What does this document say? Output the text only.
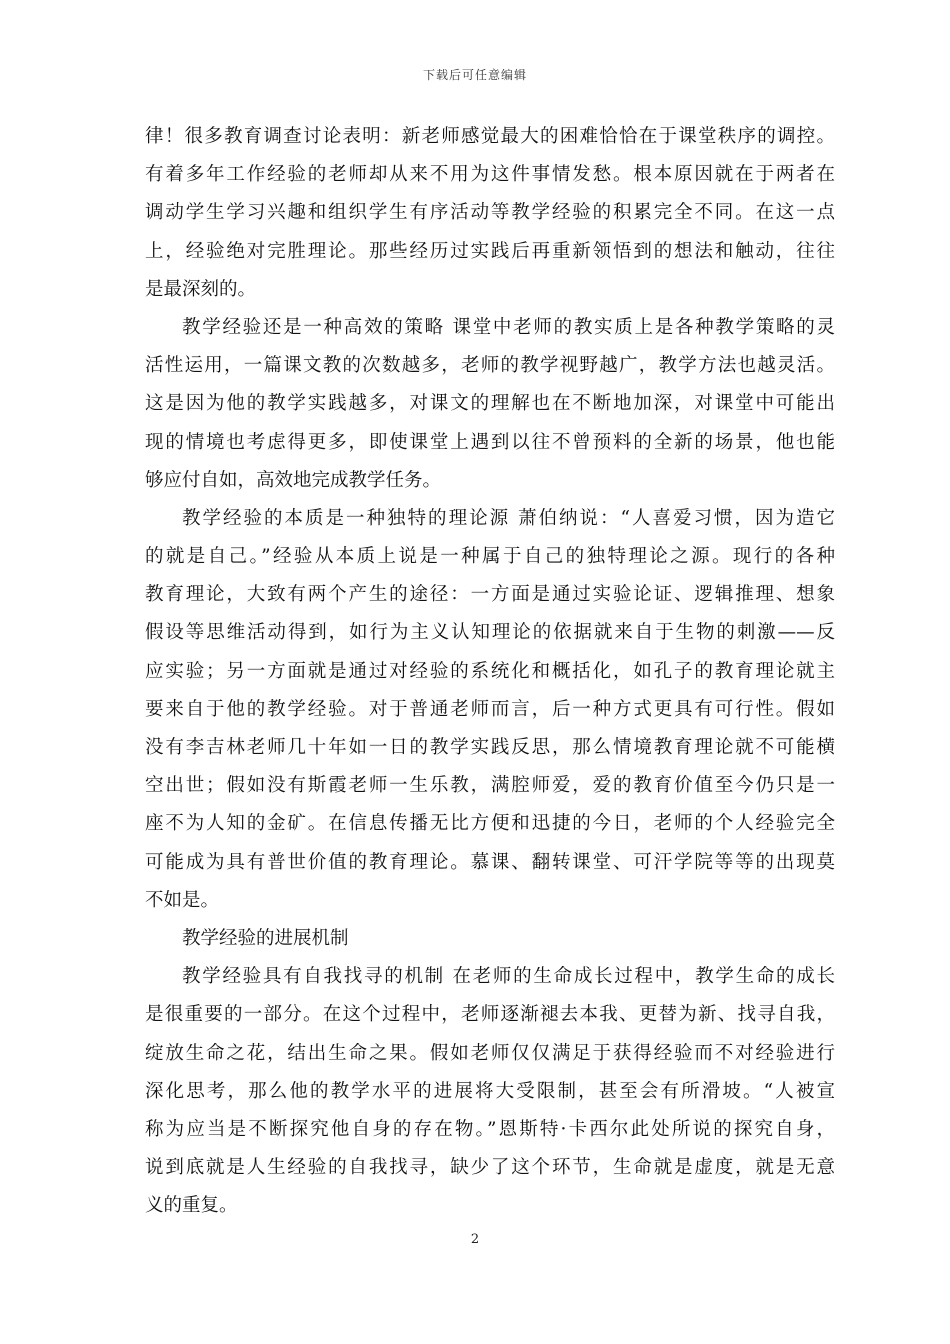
下载后可任意编辑
律！很多教育调查讨论表明：新老师感觉最大的困难恰恰在于课堂秩序的调控。
有着多年工作经验的老师却从来不用为这件事情发愁。根本原因就在于两者在
调动学生学习兴趣和组织学生有序活动等教学经验的积累完全不同。在这一点
上，经验绝对完胜理论。那些经历过实践后再重新领悟到的想法和触动，往往
是最深刻的。
教学经验还是一种高效的策略 课堂中老师的教实质上是各种教学策略的灵
活性运用，一篇课文教的次数越多，老师的教学视野越广，教学方法也越灵活。
这是因为他的教学实践越多，对课文的理解也在不断地加深，对课堂中可能出
现的情境也考虑得更多，即使课堂上遇到以往不曾预料的全新的场景，他也能
够应付自如，高效地完成教学任务。
教学经验的本质是一种独特的理论源 萧伯纳说：“人喜爱习惯，因为造它
的就是自己。”经验从本质上说是一种属于自己的独特理论之源。现行的各种
教育理论，大致有两个产生的途径：一方面是通过实验论证、逻辑推理、想象
假设等思维活动得到，如行为主义认知理论的依据就来自于生物的刺激——反
应实验；另一方面就是通过对经验的系统化和概括化，如孔子的教育理论就主
要来自于他的教学经验。对于普通老师而言，后一种方式更具有可行性。假如
没有李吉林老师几十年如一日的教学实践反思，那么情境教育理论就不可能横
空出世；假如没有斯霞老师一生乐教，满腔师爱，爱的教育价值至今仍只是一
座不为人知的金矿。在信息传播无比方便和迅捷的今日，老师的个人经验完全
可能成为具有普世价值的教育理论。慕课、翻转课堂、可汗学院等等的出现莫
不如是。
教学经验的进展机制
教学经验具有自我找寻的机制 在老师的生命成长过程中，教学生命的成长
是很重要的一部分。在这个过程中，老师逐渐褪去本我、更替为新、找寻自我，
绽放生命之花，结出生命之果。假如老师仅仅满足于获得经验而不对经验进行
深化思考，那么他的教学水平的进展将大受限制，甚至会有所滑坡。“人被宣
称为应当是不断探究他自身的存在物。”恩斯特·卡西尔此处所说的探究自身，
说到底就是人生经验的自我找寻，缺少了这个环节，生命就是虚度，就是无意
义的重复。
2
